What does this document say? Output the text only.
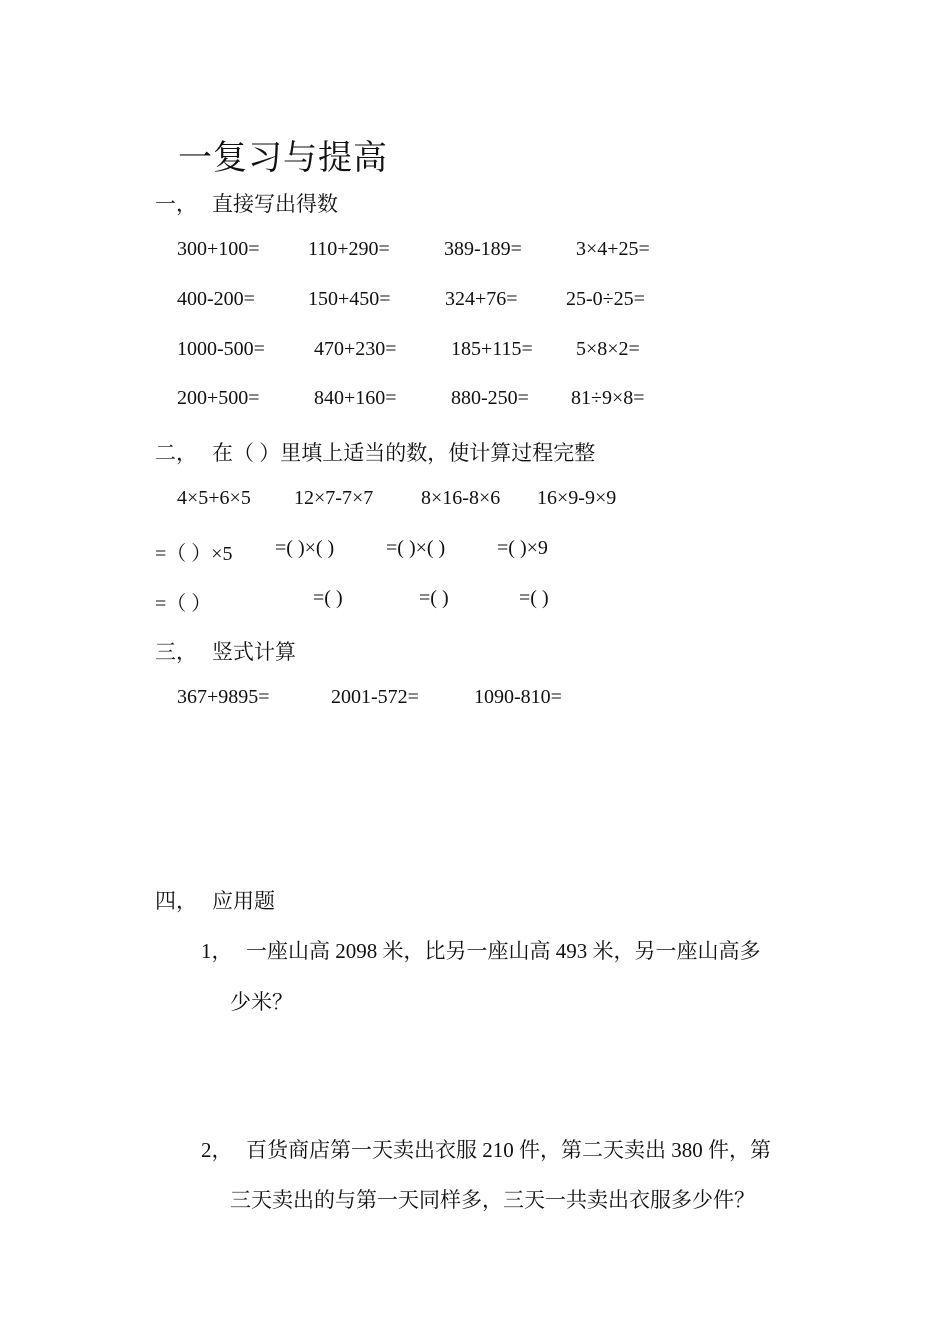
一复习与提高
一， 直接写出得数
300+100= 110+290=	389-189=	3×4+25=
400-200=	150+450=	324+76= 25-0÷25=
1000-500= 470+230=	185+115= 5×8×2=
200+500=	840+160=	880-250= 81÷9×8=
二， 在（ ）里填上适当的数，使计算过程完整
4×5+6×5 12×7-7×7 8×16-8×6 16×9-9×9
=（ ）×5 =( )×( )	=( )×( )	=( )×9
=（ ）	=( )	=( )	=( )
三， 竖式计算
367+9895=	2001-572=	1090-810=
四， 应用题
1， 一座山高 2098 米，比另一座山高 493 米，另一座山高多
少米？
2， 百货商店第一天卖出衣服 210 件，第二天卖出 380 件，第
三天卖出的与第一天同样多，三天一共卖出衣服多少件？
